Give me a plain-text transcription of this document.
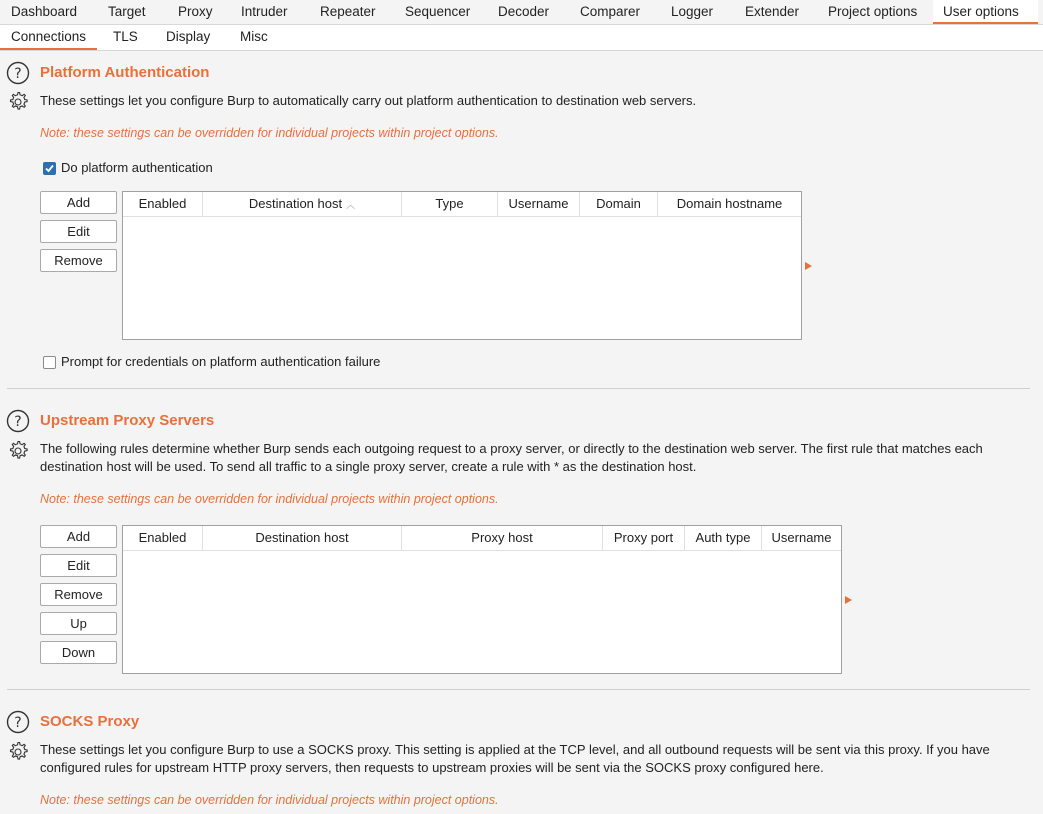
Dashboard	Target	Proxy	Intruder	Repeater	Sequencer	Decoder	Comparer	Logger	Extender	Project options	User options
Connections	TLS	Display	Misc
? Platform Authentication
These settings let you configure Burp to automatically carry out platform authentication to destination web servers.
Note: these settings can be overridden for individual projects within project options.
Do platform authentication
Add
Edit
Remove
Enabled	Destination host ︿	Type	Username	Domain	Domain hostname
Prompt for credentials on platform authentication failure
? Upstream Proxy Servers
The following rules determine whether Burp sends each outgoing request to a proxy server, or directly to the destination web server. The first rule that matches each destination host will be used. To send all traffic to a single proxy server, create a rule with * as the destination host.
Note: these settings can be overridden for individual projects within project options.
Add
Edit
Remove
Up
Down
Enabled	Destination host	Proxy host	Proxy port	Auth type	Username
? SOCKS Proxy
These settings let you configure Burp to use a SOCKS proxy. This setting is applied at the TCP level, and all outbound requests will be sent via this proxy. If you have configured rules for upstream HTTP proxy servers, then requests to upstream proxies will be sent via the SOCKS proxy configured here.
Note: these settings can be overridden for individual projects within project options.
